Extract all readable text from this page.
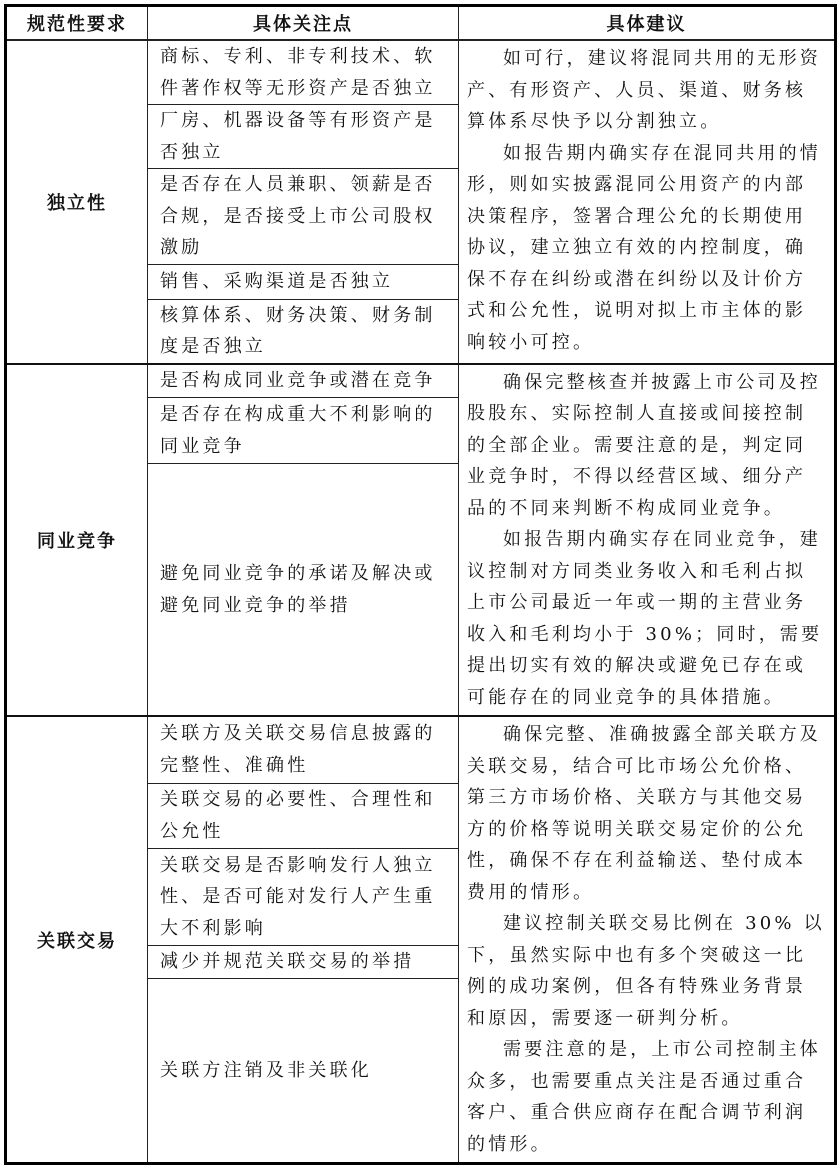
规范性要求	具体关注点	具体建议
独立性	商标、专利、非专利技术、软件著作权等无形资产是否独立	如可行，建议将混同共用的无形资产、有形资产、人员、渠道、财务核算体系尽快予以分割独立。

如报告期内确实存在混同共用的情形，则如实披露混同公用资产的内部决策程序，签署合理公允的长期使用协议，建立独立有效的内控制度，确保不存在纠纷或潜在纠纷以及计价方式和公允性，说明对拟上市主体的影响较小可控。

	厂房、机器设备等有形资产是否独立	
	是否存在人员兼职、领薪是否合规，是否接受上市公司股权激励	
	销售、采购渠道是否独立	
	核算体系、财务决策、财务制度是否独立	
同业竞争	是否构成同业竞争或潜在竞争	确保完整核查并披露上市公司及控股股东、实际控制人直接或间接控制的全部企业。需要注意的是，判定同业竞争时，不得以经营区域、细分产品的不同来判断不构成同业竞争。

如报告期内确实存在同业竞争，建议控制对方同类业务收入和毛利占拟上市公司最近一年或一期的主营业务收入和毛利均小于 30%；同时，需要提出切实有效的解决或避免已存在或可能存在的同业竞争的具体措施。

	是否存在构成重大不利影响的同业竞争	
	避免同业竞争的承诺及解决或避免同业竞争的举措	
关联交易	关联方及关联交易信息披露的完整性、准确性	确保完整、准确披露全部关联方及关联交易，结合可比市场公允价格、第三方市场价格、关联方与其他交易方的价格等说明关联交易定价的公允性，确保不存在利益输送、垫付成本费用的情形。

建议控制关联交易比例在 30% 以下，虽然实际中也有多个突破这一比例的成功案例，但各有特殊业务背景和原因，需要逐一研判分析。

需要注意的是，上市公司控制主体众多，也需要重点关注是否通过重合客户、重合供应商存在配合调节利润的情形。

	关联交易的必要性、合理性和公允性	
	关联交易是否影响发行人独立性、是否可能对发行人产生重大不利影响	
	减少并规范关联交易的举措	
	关联方注销及非关联化	
